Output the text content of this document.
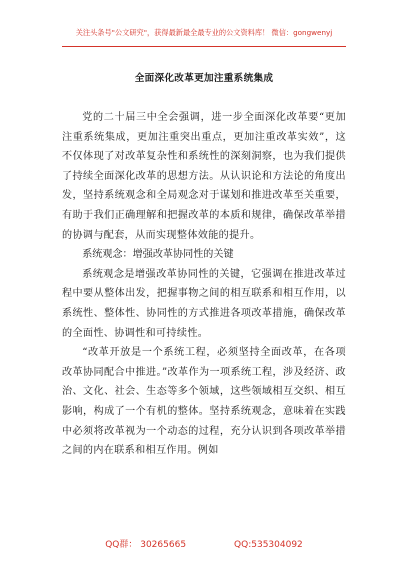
关注头条号"公文研究"，获得最新最全最专业的公文资料库！ 微信：gongwenyj
全面深化改革更加注重系统集成

党的二十届三中全会强调，进一步全面深化改革要“更加注重系统集成，更加注重突出重点，更加注重改革实效”，这不仅体现了对改革复杂性和系统性的深刻洞察，也为我们提供了持续全面深化改革的思想方法。从认识论和方法论的角度出发，坚持系统观念和全局观念对于谋划和推进改革至关重要，有助于我们正确理解和把握改革的本质和规律，确保改革举措的协调与配套，从而实现整体效能的提升。

系统观念：增强改革协同性的关键

系统观念是增强改革协同性的关键，它强调在推进改革过程中要从整体出发，把握事物之间的相互联系和相互作用，以系统性、整体性、协同性的方式推进各项改革措施，确保改革的全面性、协调性和可持续性。

“改革开放是一个系统工程，必须坚持全面改革，在各项改革协同配合中推进。”改革作为一项系统工程，涉及经济、政治、文化、社会、生态等多个领域，这些领域相互交织、相互影响，构成了一个有机的整体。坚持系统观念，意味着在实践中必须将改革视为一个动态的过程，充分认识到各项改革举措之间的内在联系和相互作用。例如

QQ群： 30265665	QQ:535304092
